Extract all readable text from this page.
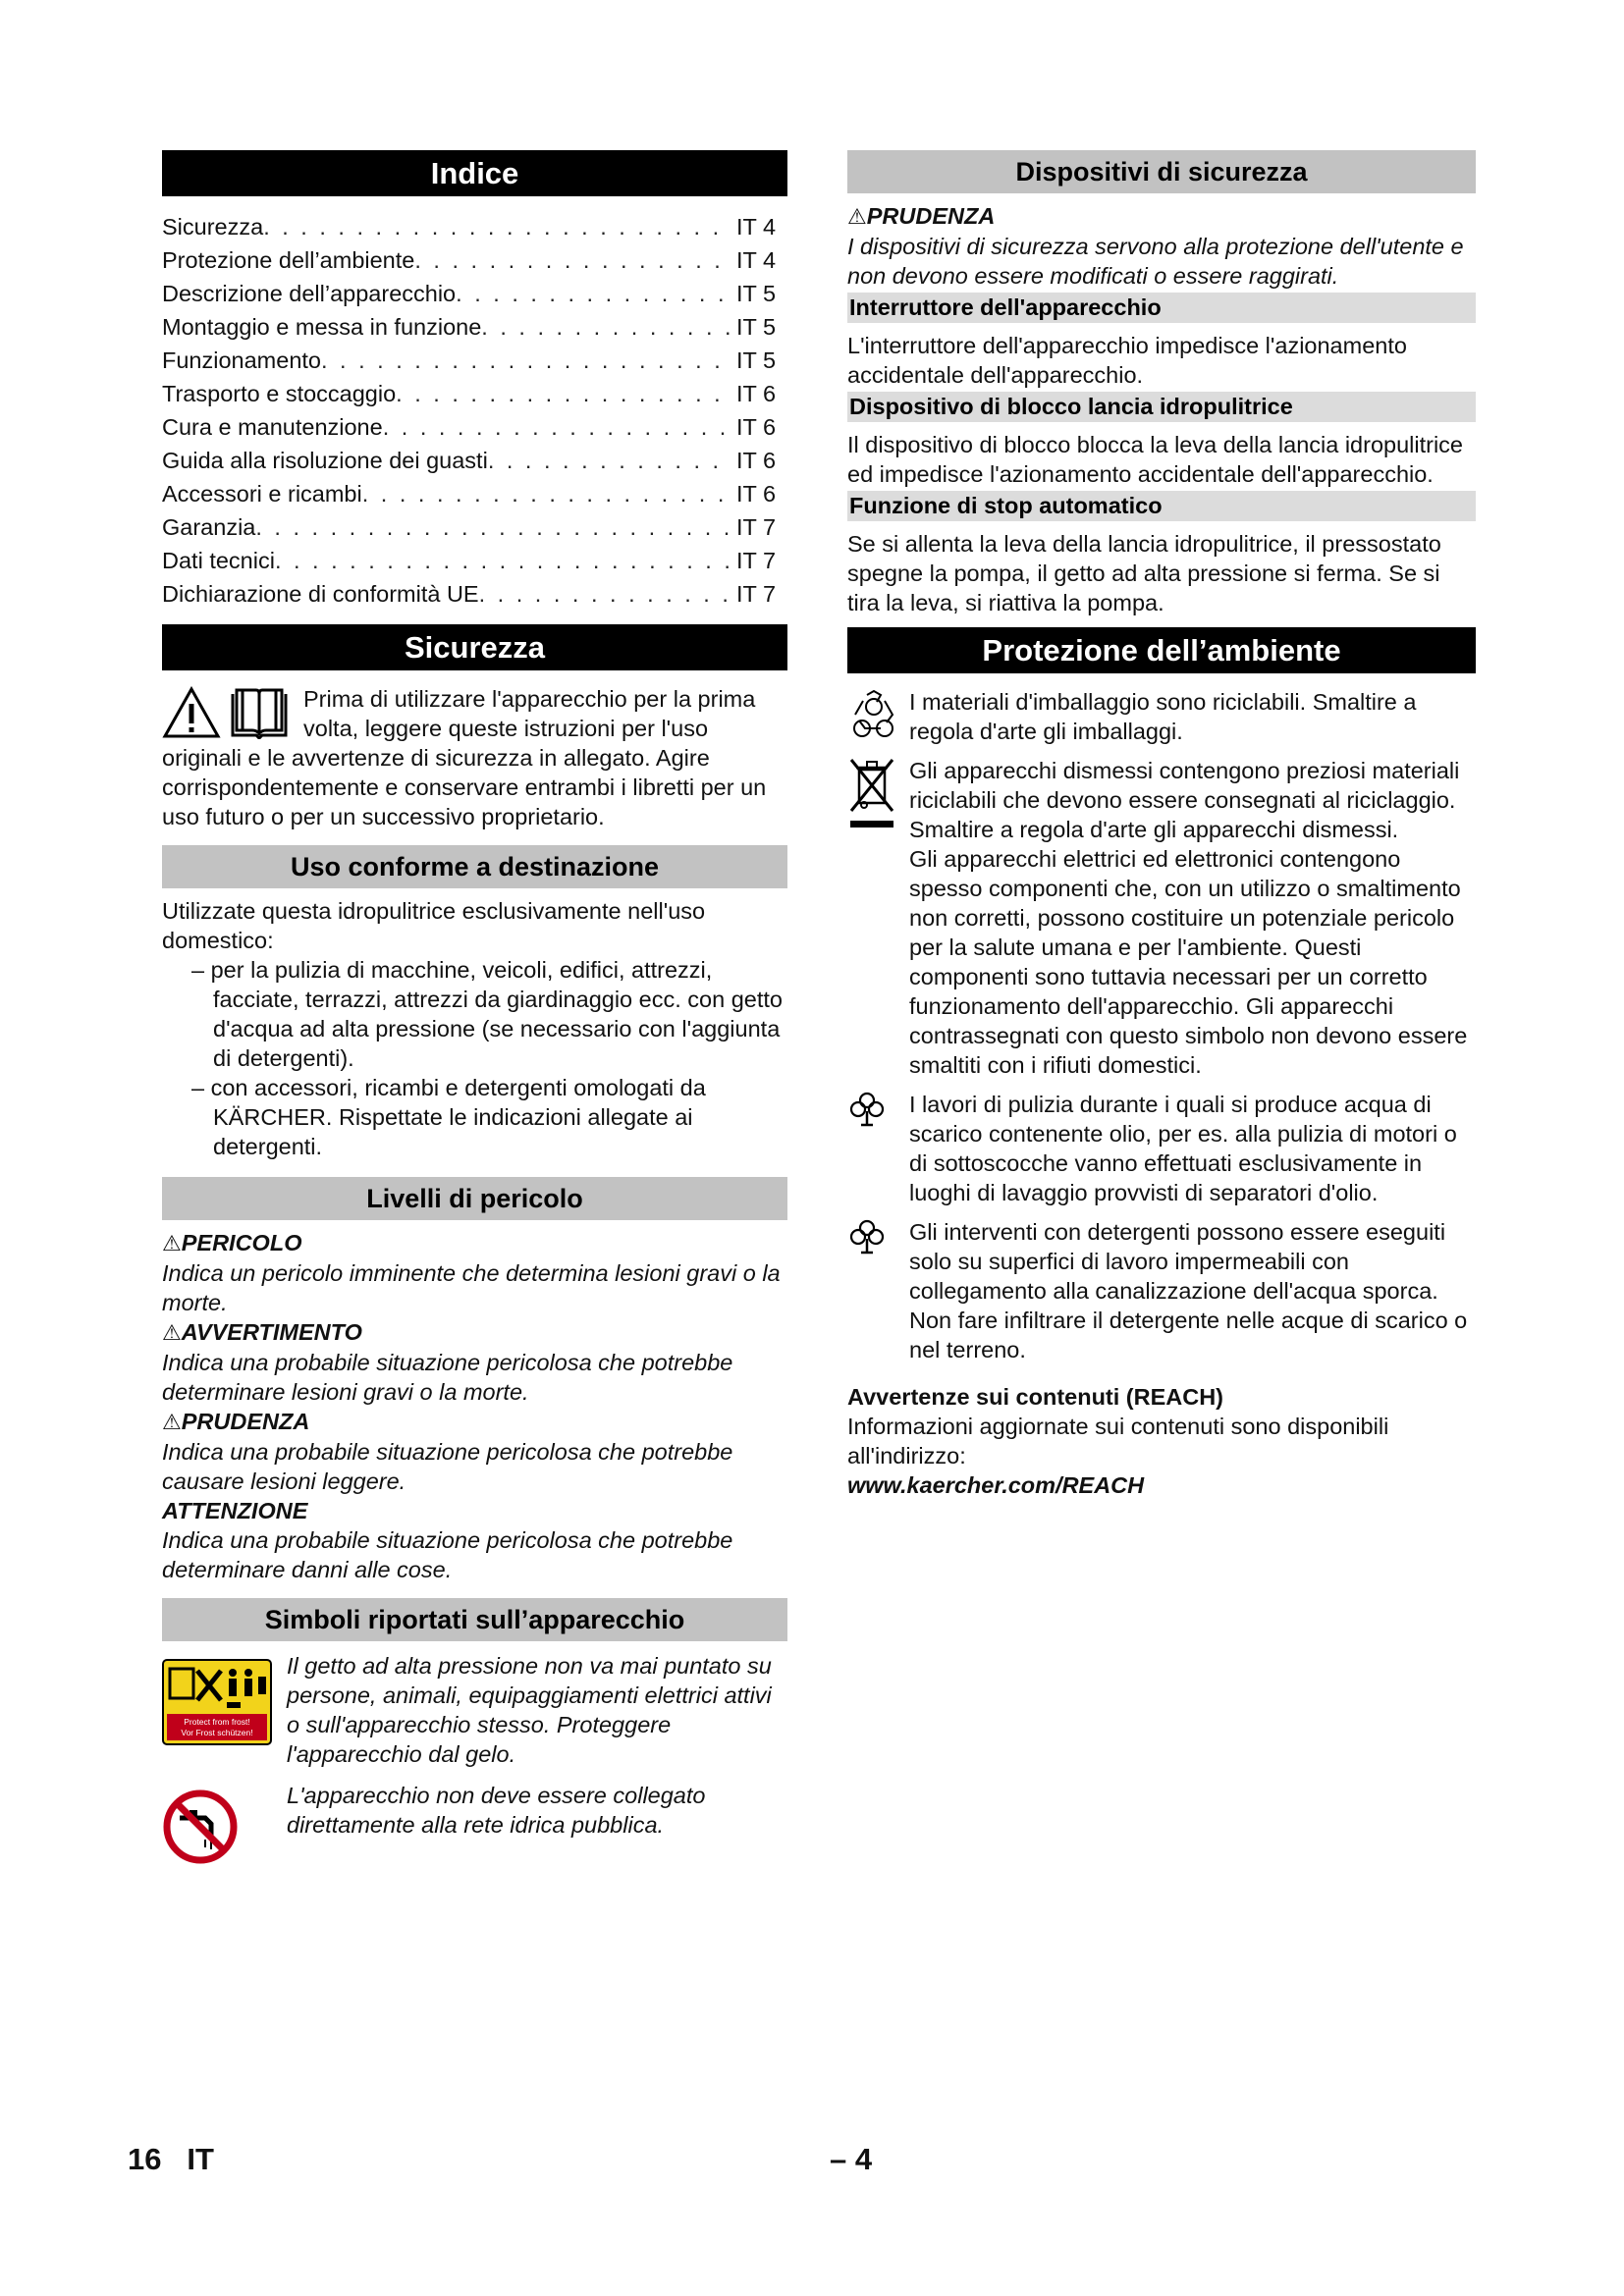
Indice
Sicurezza . . .	IT 4
Protezione dell’ambiente . . .	IT 4
Descrizione dell’apparecchio . . .	IT 5
Montaggio e messa in funzione . . .	IT 5
Funzionamento . . .	IT 5
Trasporto e stoccaggio . . .	IT 6
Cura e manutenzione . . .	IT 6
Guida alla risoluzione dei guasti . . .	IT 6
Accessori e ricambi . . .	IT 6
Garanzia . . .	IT 7
Dati tecnici . . .	IT 7
Dichiarazione di conformità UE . . .	IT 7
Sicurezza

Prima di utilizzare l'apparecchio per la prima volta, leggere queste istruzioni per l'uso originali e le avvertenze di sicurezza in allegato. Agire corrispondentemente e conservare entrambi i libretti per un uso futuro o per un successivo proprietario.

Uso conforme a destinazione

Utilizzate questa idropulitrice esclusivamente nell'uso domestico:

– per la pulizia di macchine, veicoli, edifici, attrezzi, facciate, terrazzi, attrezzi da giardinaggio ecc. con getto d'acqua ad alta pressione (se necessario con l'aggiunta di detergenti).

– con accessori, ricambi e detergenti omologati da KÄRCHER. Rispettate le indicazioni allegate ai detergenti.

Livelli di pericolo
⚠PERICOLO

Indica un pericolo imminente che determina lesioni gravi o la morte.

⚠AVVERTIMENTO

Indica una probabile situazione pericolosa che potrebbe determinare lesioni gravi o la morte.

⚠PRUDENZA

Indica una probabile situazione pericolosa che potrebbe causare lesioni leggere.

ATTENZIONE

Indica una probabile situazione pericolosa che potrebbe determinare danni alle cose.

Simboli riportati sull’apparecchio
Protect from frost!
Vor Frost schützen!

Il getto ad alta pressione non va mai puntato su persone, animali, equipaggiamenti elettrici attivi o sull'apparecchio stesso. Proteggere l'apparecchio dal gelo.

L'apparecchio non deve essere collegato direttamente alla rete idrica pubblica.

Dispositivi di sicurezza
⚠PRUDENZA

I dispositivi di sicurezza servono alla protezione dell'utente e non devono essere modificati o essere raggirati.

Interruttore dell'apparecchio

L'interruttore dell'apparecchio impedisce l'azionamento accidentale dell'apparecchio.

Dispositivo di blocco lancia idropulitrice

Il dispositivo di blocco blocca la leva della lancia idropulitrice ed impedisce l'azionamento accidentale dell'apparecchio.

Funzione di stop automatico

Se si allenta la leva della lancia idropulitrice, il pressostato spegne la pompa, il getto ad alta pressione si ferma. Se si tira la leva, si riattiva la pompa.

Protezione dell’ambiente

I materiali d'imballaggio sono riciclabili. Smaltire a regola d'arte gli imballaggi.

Gli apparecchi dismessi contengono preziosi materiali riciclabili che devono essere consegnati al riciclaggio. Smaltire a regola d'arte gli apparecchi dismessi.

Gli apparecchi elettrici ed elettronici contengono spesso componenti che, con un utilizzo o smaltimento non corretti, possono costituire un potenziale pericolo per la salute umana e per l'ambiente. Questi componenti sono tuttavia necessari per un corretto funzionamento dell'apparecchio. Gli apparecchi contrassegnati con questo simbolo non devono essere smaltiti con i rifiuti domestici.

I lavori di pulizia durante i quali si produce acqua di scarico contenente olio, per es. alla pulizia di motori o di sottoscocche vanno effettuati esclusivamente in luoghi di lavaggio provvisti di separatori d'olio.

Gli interventi con detergenti possono essere eseguiti solo su superfici di lavoro impermeabili con collegamento alla canalizzazione dell'acqua sporca. Non fare infiltrare il detergente nelle acque di scarico o nel terreno.

Avvertenze sui contenuti (REACH)

Informazioni aggiornate sui contenuti sono disponibili all'indirizzo:

www.kaercher.com/REACH

16 IT	– 4
